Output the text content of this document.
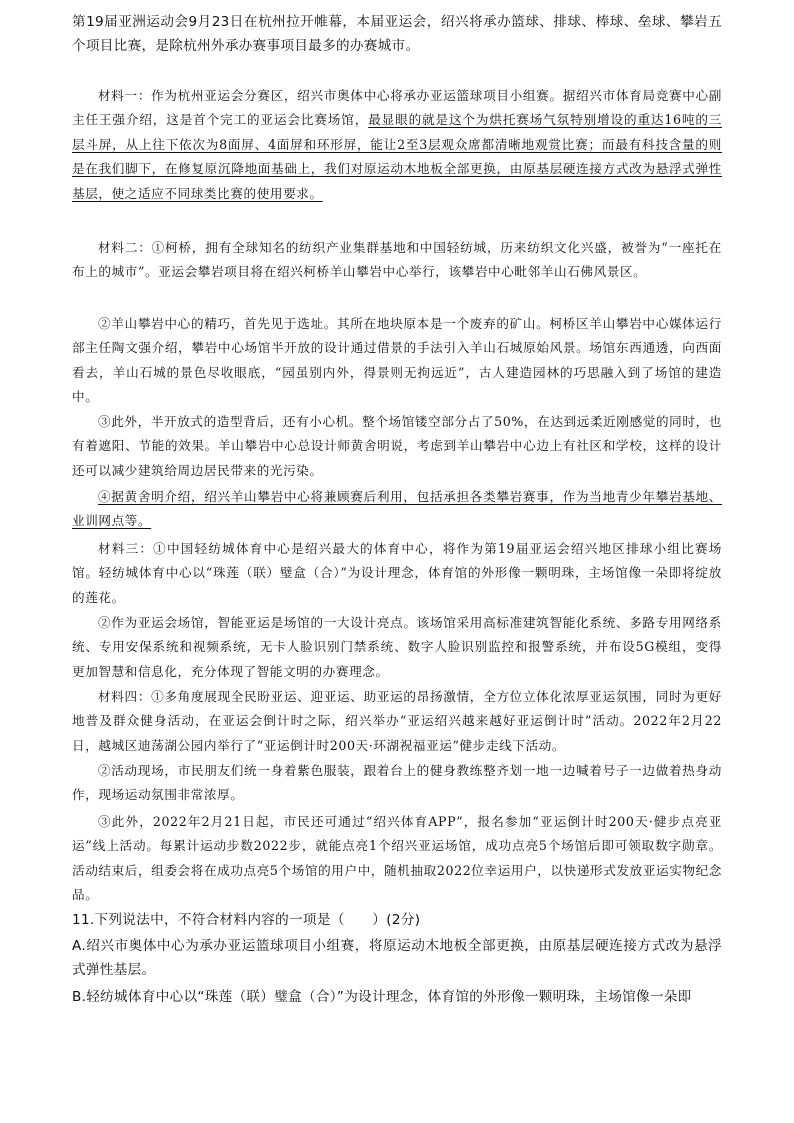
第19届亚洲运动会9月23日在杭州拉开帷幕，本届亚运会，绍兴将承办篮球、排球、棒球、垒球、攀岩五个项目比赛，是除杭州外承办赛事项目最多的办赛城市。

材料一：作为杭州亚运会分赛区，绍兴市奥体中心将承办亚运篮球项目小组赛。据绍兴市体育局竞赛中心副主任王强介绍，这是首个完工的亚运会比赛场馆，最显眼的就是这个为烘托赛场气氛特别增设的重达16吨的三层斗屏，从上往下依次为8面屏、4面屏和环形屏，能让2至3层观众席都清晰地观赏比赛；而最有科技含量的则是在我们脚下，在修复原沉降地面基础上，我们对原运动木地板全部更换，由原基层硬连接方式改为悬浮式弹性基层，使之适应不同球类比赛的使用要求。

材料二：①柯桥，拥有全球知名的纺织产业集群基地和中国轻纺城，历来纺织文化兴盛，被誉为“一座托在布上的城市”。亚运会攀岩项目将在绍兴柯桥羊山攀岩中心举行，该攀岩中心毗邻羊山石佛风景区。

②羊山攀岩中心的精巧，首先见于选址。其所在地块原本是一个废弃的矿山。柯桥区羊山攀岩中心媒体运行部主任陶文强介绍，攀岩中心场馆半开放的设计通过借景的手法引入羊山石城原始风景。场馆东西通透，向西面看去，羊山石城的景色尽收眼底，“园虽别内外，得景则无拘远近”，古人建造园林的巧思融入到了场馆的建造中。

③此外，半开放式的造型背后，还有小心机。整个场馆镂空部分占了50%，在达到远柔近刚感觉的同时，也有着遮阳、节能的效果。羊山攀岩中心总设计师黄舍明说，考虑到羊山攀岩中心边上有社区和学校，这样的设计还可以减少建筑给周边居民带来的光污染。

④据黄舍明介绍，绍兴羊山攀岩中心将兼顾赛后利用，包括承担各类攀岩赛事，作为当地青少年攀岩基地、业训网点等。

材料三：①中国轻纺城体育中心是绍兴最大的体育中心，将作为第19届亚运会绍兴地区排球小组比赛场馆。轻纺城体育中心以“珠莲（联）璧盒（合）”为设计理念，体育馆的外形像一颗明珠，主场馆像一朵即将绽放的莲花。

②作为亚运会场馆，智能亚运是场馆的一大设计亮点。该场馆采用高标准建筑智能化系统、多路专用网络系统、专用安保系统和视频系统，无卡人脸识别门禁系统、数字人脸识别监控和报警系统，并布设5G模组，变得更加智慧和信息化，充分体现了智能文明的办赛理念。

材料四：①多角度展现全民盼亚运、迎亚运、助亚运的昂扬激情，全方位立体化浓厚亚运氛围，同时为更好地普及群众健身活动，在亚运会倒计时之际，绍兴举办“亚运绍兴越来越好亚运倒计时”活动。2022年2月22日，越城区迪荡湖公园内举行了“亚运倒计时200天·环湖祝福亚运”健步走线下活动。

②活动现场，市民朋友们统一身着紫色服装，跟着台上的健身教练整齐划一地一边喊着号子一边做着热身动作，现场运动氛围非常浓厚。

③此外，2022年2月21日起，市民还可通过“绍兴体育APP”，报名参加“亚运倒计时200天·健步点亮亚运”线上活动。每累计运动步数2022步，就能点亮1个绍兴亚运场馆，成功点亮5个场馆后即可领取数字勋章。活动结束后，组委会将在成功点亮5个场馆的用户中，随机抽取2022位幸运用户，以快递形式发放亚运实物纪念品。

11.下列说法中，不符合材料内容的一项是（　　）(2分)

A.绍兴市奥体中心为承办亚运篮球项目小组赛，将原运动木地板全部更换，由原基层硬连接方式改为悬浮式弹性基层。

B.轻纺城体育中心以“珠莲（联）璧盒（合）”为设计理念，体育馆的外形像一颗明珠，主场馆像一朵即
